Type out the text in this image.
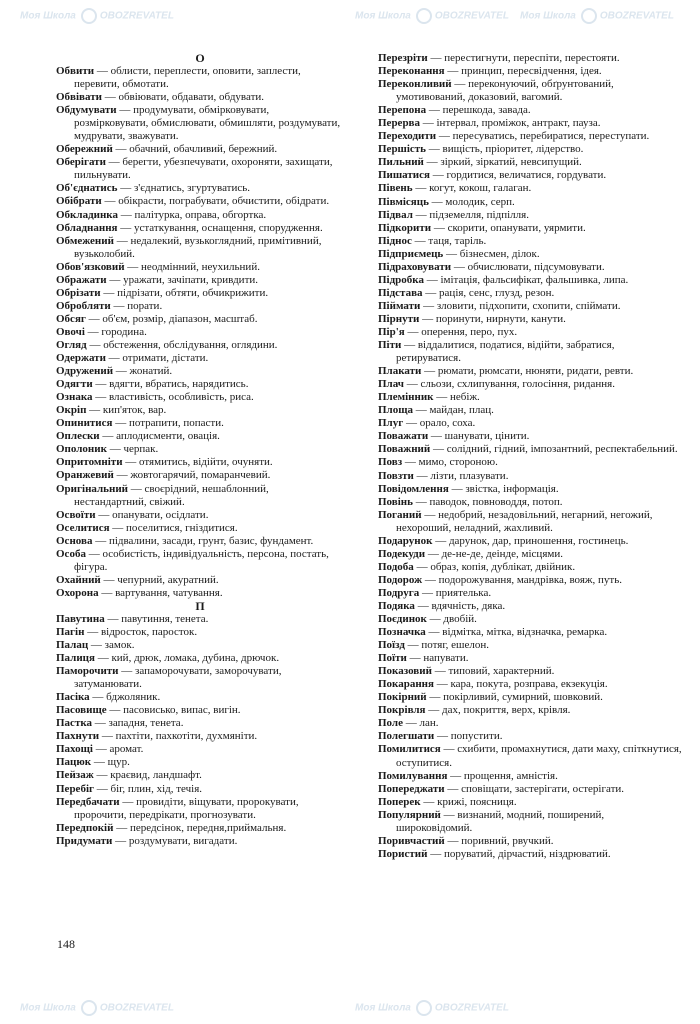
О
Обвити — облисти, переплести, оповити, заплести, перевити, обмотати.
Обвівати — обвіювати, обдавати, обдувати.
Обдумувати — продумувати, обмірковувати, розмірковувати, обмислювати, обмишляти, роздумувати, мудрувати, зважувати.
Обережний — обачний, обачливий, бережний.
Оберігати — берегти, убезпечувати, охороняти, захищати, пильнувати.
Об'єднатись — з'єднатись, згуртуватись.
Обібрати — обікрасти, пограбувати, обчистити, обідрати.
Обкладинка — палітурка, оправа, обгортка.
Обладнання — устаткування, оснащення, спорудження.
Обмежений — недалекий, вузькоглядний, примітивний, вузьколобий.
Обов'язковий — неодмінний, неухильний.
Ображати — уражати, зачіпати, кривдити.
Обрізати — підрізати, обтяти, обчикрижити.
Обробляти — порати.
Обсяг — об'єм, розмір, діапазон, масштаб.
Овочі — городина.
Огляд — обстеження, обслідування, оглядини.
Одержати — отримати, дістати.
Одружений — жонатий.
Одягти — вдягти, вбратись, нарядитись.
Ознака — властивість, особливість, риса.
Окріп — кип'яток, вар.
Опинитися — потрапити, попасти.
Оплески — аплодисменти, овація.
Ополоник — черпак.
Опритомніти — отямитись, відійти, очуняти.
Оранжевий — жовтогарячий, помаранчевий.
Оригінальний — своєрідний, нешаблонний, нестандартний, свіжий.
Освоїти — опанувати, осідлати.
Оселитися — поселитися, гніздитися.
Основа — підвалини, засади, грунт, базис, фундамент.
Особа — особистість, індивідуальність, персона, постать, фігура.
Охайний — чепурний, акуратний.
Охорона — вартування, чатування.
П
Павутина — павутиння, тенета.
Пагін — відросток, паросток.
Палац — замок.
Палиця — кий, дрюк, ломака, дубина, дрючок.
Паморочити — запаморочувати, заморочувати, затуманювати.
Пасіка — бджоляник.
Пасовище — пасовисько, випас, вигін.
Пастка — западня, тенета.
Пахнути — пахтіти, пахкотіти, духмяніти.
Пахощі — аромат.
Пацюк — щур.
Пейзаж — краєвид, ландшафт.
Перебіг — біг, плин, хід, течія.
Передбачати — провидіти, віщувати, пророкувати, пророчити, передрікати, прогнозувати.
Передпокій — передсінок, передня,приймальня.
Придумати — роздумувати, вигадати.
Перезріти — перестигнути, переспіти, перестояти.
Переконання — принцип, пересвідчення, ідея.
Переконливий — переконуючий, обґрунтований, умотивований, доказовий, вагомий.
Перепона — перешкода, завада.
Перерва — інтервал, проміжок, антракт, пауза.
Переходити — пересуватись, перебиратися, переступати.
Першість — вищість, пріоритет, лідерство.
Пильний — зіркий, зіркатий, невсипущий.
Пишатися — гордитися, величатися, гордувати.
Півень — когут, кокош, галаган.
Півмісяць — молодик, серп.
Підвал — підземелля, підпілля.
Підкорити — скорити, опанувати, уярмити.
Піднос — таця, таріль.
Підприємець — бізнесмен, ділок.
Підраховувати — обчислювати, підсумовувати.
Підробка — імітація, фальсифікат, фальшивка, липа.
Підстава — рація, сенс, глузд, резон.
Піймати — зловити, підхопити, схопити, спіймати.
Пірнути — поринути, нирнути, канути.
Пір'я — оперення, перо, пух.
Піти — віддалитися, податися, відійти, забратися, ретируватися.
Плакати — рюмати, рюмсати, нюняти, ридати, ревти.
Плач — сльози, схлипування, голосіння, ридання.
Племінник — небіж.
Площа — майдан, плац.
Плуг — орало, соха.
Поважати — шанувати, цінити.
Поважний — солідний, гідний, імпозантний, респектабельний.
Повз — мимо, стороною.
Повзти — лізти, плазувати.
Повідомлення — звістка, інформація.
Повінь — паводок, повноводдя, потоп.
Поганий — недобрий, незадовільний, негарний, негожий, нехороший, неладний, жахливий.
Подарунок — дарунок, дар, приношення, гостинець.
Подекуди — де-не-де, деінде, місцями.
Подоба — образ, копія, дублікат, двійник.
Подорож — подорожування, мандрівка, вояж, путь.
Подруга — приятелька.
Подяка — вдячність, дяка.
Поєдинок — двобій.
Позначка — відмітка, мітка, відзначка, ремарка.
Поїзд — потяг, ешелон.
Поїти — напувати.
Показовий — типовий, характерний.
Покарання — кара, покута, розправа, екзекуція.
Покірний — покірливий, сумирний, шовковий.
Покрівля — дах, покриття, верх, крівля.
Поле — лан.
Полегшати — попустити.
Помилитися — схибити, промахнутися, дати маху, спіткнутися, оступитися.
Помилування — прощення, амністія.
Попереджати — сповіщати, застерігати, остерігати.
Поперек — крижі, поясниця.
Популярний — визнаний, модний, поширений, широковідомий.
Поривчастий — поривний, рвучкий.
Пористий — поруватий, дірчастий, ніздрюватий.
148
Моя Школа OBOZREVATEL	Моя Школа OBOZREVATEL Моя Школа OBOZREVATEL
Моя Школа OBOZREVATEL	Моя Школа OBOZREVATEL
